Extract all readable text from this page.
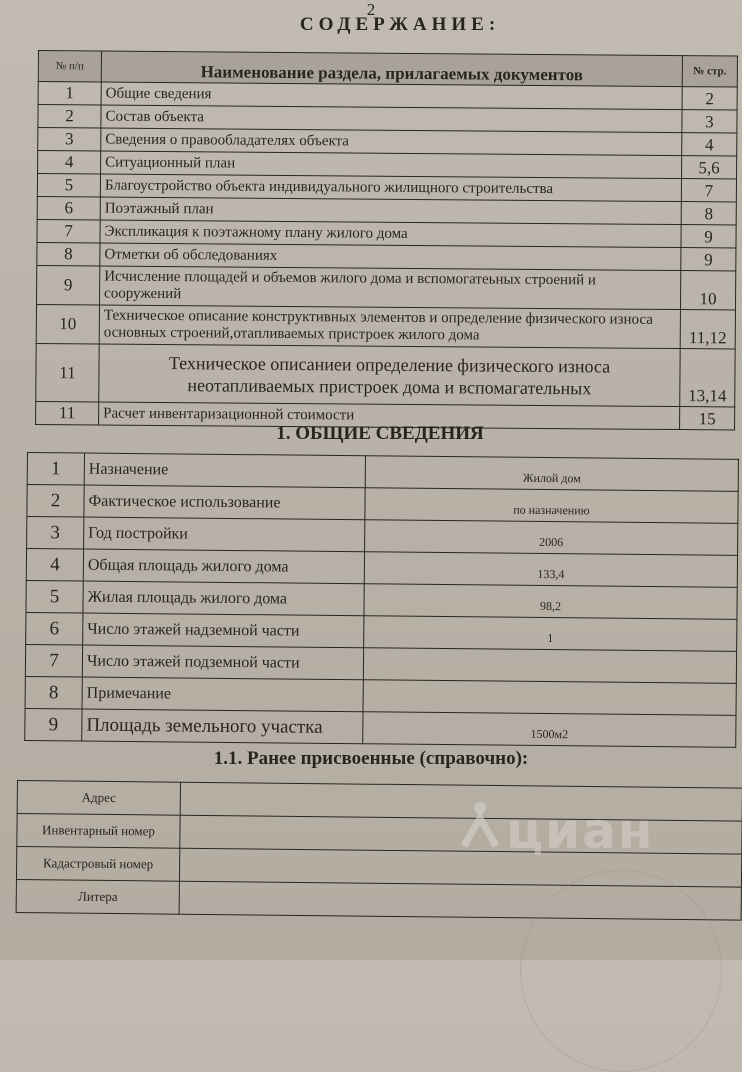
2
СОДЕРЖАНИЕ:
№ п/п	Наименование раздела, прилагаемых документов	№ стр.
1	Общие сведения	2
2	Состав объекта	3
3	Сведения о правообладателях объекта	4
4	Ситуационный план	5,6
5	Благоустройство объекта индивидуального жилищного строительства	7
6	Поэтажный план	8
7	Экспликация к поэтажному плану жилого дома	9
8	Отметки об обследованиях	9
9	Исчисление площадей и объемов жилого дома и вспомогатеьных строений и сооружений	10
10	Техническое описание конструктивных элементов и определение физического износа основных строений,отапливаемых пристроек жилого дома	11,12
11	Техническое описаниеи определение физического износа неотапливаемых пристроек дома и вспомагательных	13,14
11	Расчет инвентаризационной стоимости	15
1. ОБЩИЕ СВЕДЕНИЯ
1	Назначение	Жилой дом
2	Фактическое использование	по назначению
3	Год постройки	2006
4	Общая площадь жилого дома	133,4
5	Жилая площадь жилого дома	98,2
6	Число этажей надземной части	1
7	Число этажей подземной части	
8	Примечание	
9	Площадь земельного участка	1500м2
1.1. Ранее присвоенные (справочно):
Адрес	
Инвентарный номер	
Кадастровый номер	
Литера	
циан
